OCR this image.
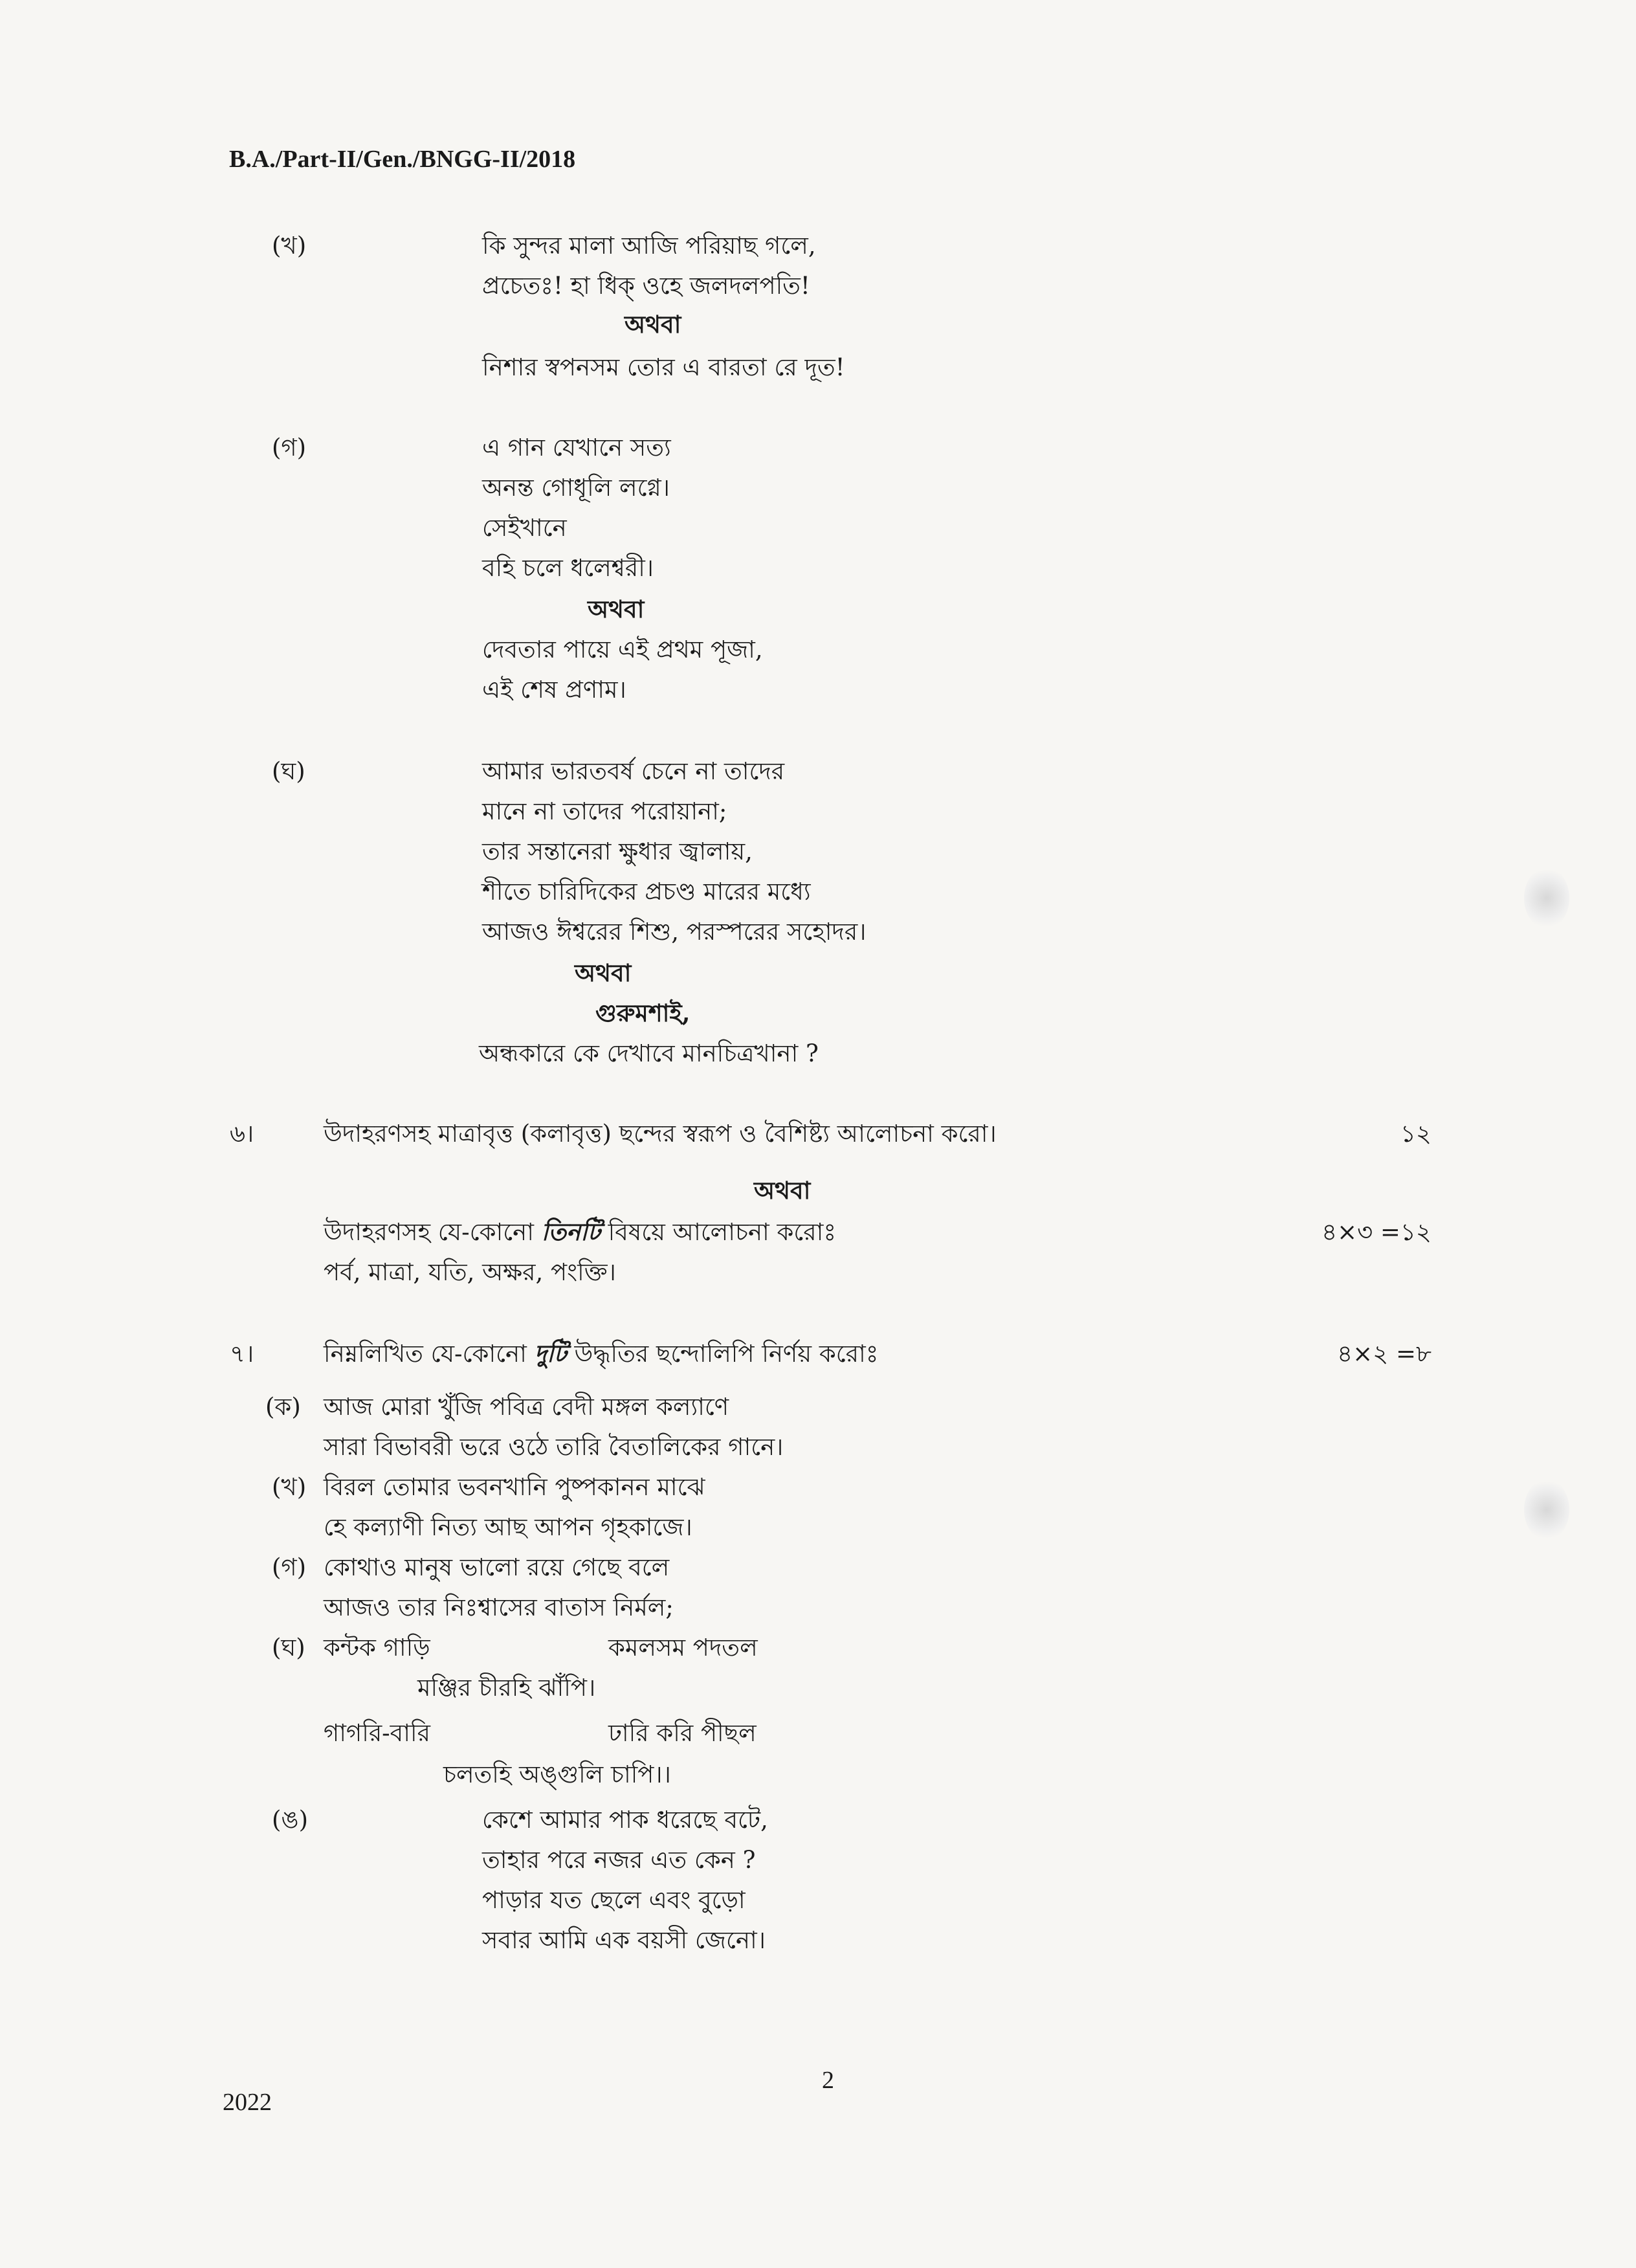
B.A./Part-II/Gen./BNGG-II/2018
(খ)	কি সুন্দর মালা আজি পরিয়াছ গলে,
প্রচেতঃ! হা ধিক্‌ ওহে জলদলপতি!
অথবা
নিশার স্বপনসম তোর এ বারতা রে দূত!
(গ)	এ গান যেখানে সত্য
অনন্ত গোধূলি লগ্নে।
সেইখানে
বহি চলে ধলেশ্বরী।
অথবা
দেবতার পায়ে এই প্রথম পূজা,
এই শেষ প্রণাম।
(ঘ)	আমার ভারতবর্ষ চেনে না তাদের
মানে না তাদের পরোয়ানা;
তার সন্তানেরা ক্ষুধার জ্বালায়,
শীতে চারিদিকের প্রচণ্ড মারের মধ্যে
আজও ঈশ্বরের শিশু, পরস্পরের সহোদর।
অথবা
গুরুমশাই,
অন্ধকারে কে দেখাবে মানচিত্রখানা ?
৬।	উদাহরণসহ মাত্রাবৃত্ত (কলাবৃত্ত) ছন্দের স্বরূপ ও বৈশিষ্ট্য আলোচনা করো।	১২
অথবা
উদাহরণসহ যে-কোনো তিনটি বিষয়ে আলোচনা করোঃ	৪×৩ =১২
পর্ব, মাত্রা, যতি, অক্ষর, পংক্তি।
৭।	নিম্নলিখিত যে-কোনো দুটি উদ্ধৃতির ছন্দোলিপি নির্ণয় করোঃ	৪×২ =৮
(ক) আজ মোরা খুঁজি পবিত্র বেদী মঙ্গল কল্যাণে
সারা বিভাবরী ভরে ওঠে তারি বৈতালিকের গানে।
(খ) বিরল তোমার ভবনখানি পুষ্পকানন মাঝে
হে কল্যাণী নিত্য আছ আপন গৃহকাজে।
(গ) কোথাও মানুষ ভালো রয়ে গেছে বলে
আজও তার নিঃশ্বাসের বাতাস নির্মল;
(ঘ) কন্টক গাড়ি	কমলসম পদতল
মঞ্জির চীরহি ঝাঁপি।
গাগরি-বারি	ঢারি করি পীছল
চলতহি অঙ্গুলি চাপি।।
(ঙ)	কেশে আমার পাক ধরেছে বটে,
তাহার পরে নজর এত কেন ?
পাড়ার যত ছেলে এবং বুড়ো
সবার আমি এক বয়সী জেনো।
2
2022
